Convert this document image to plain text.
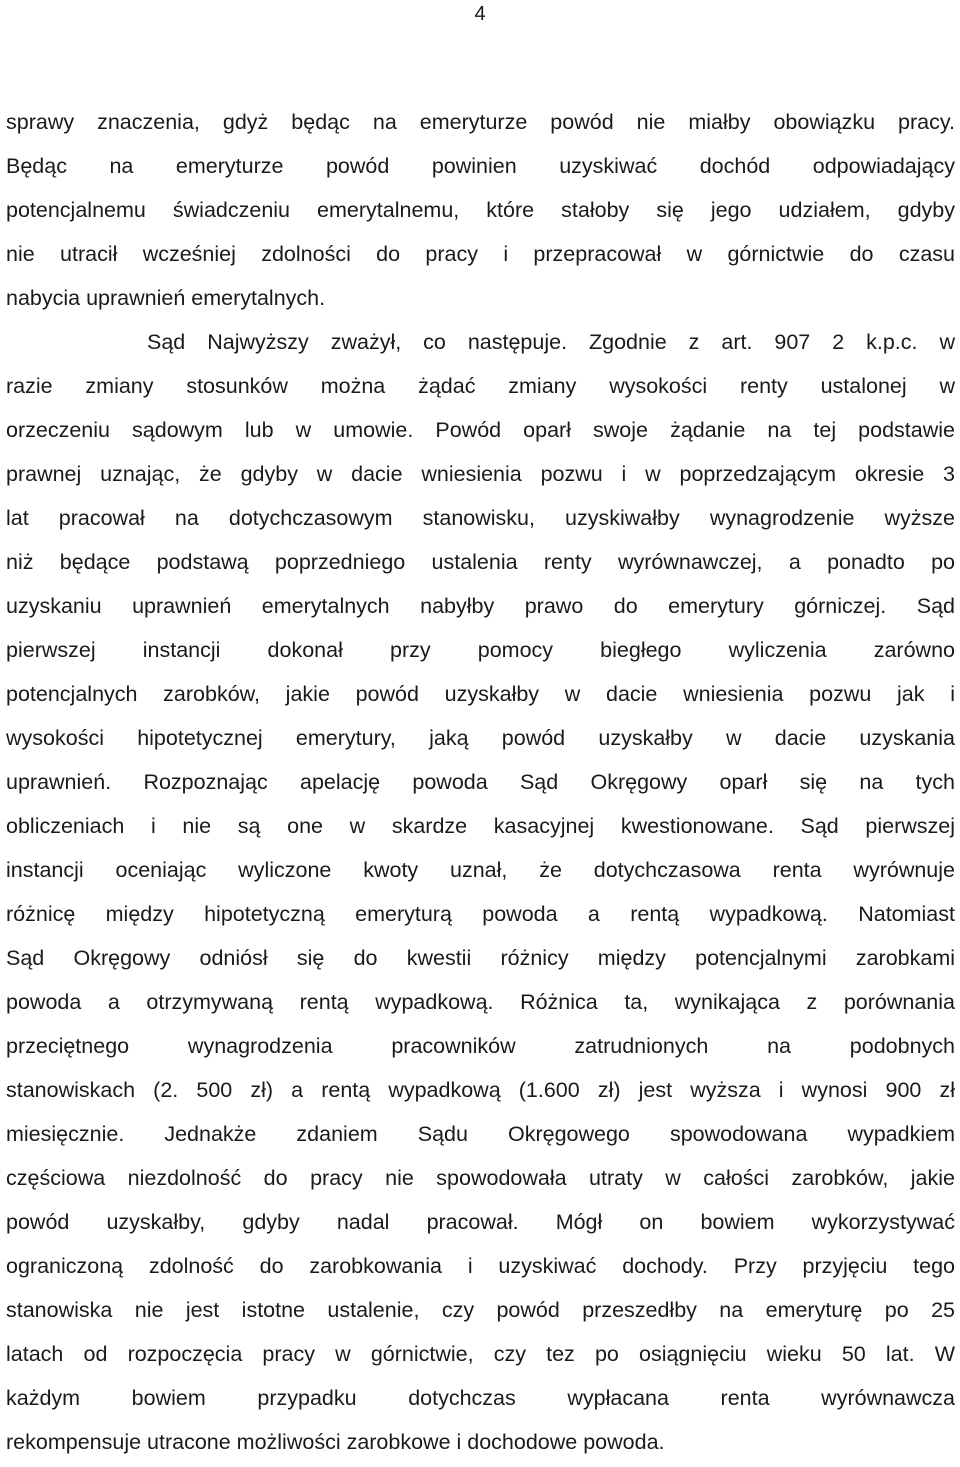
4
sprawy znaczenia, gdyż będąc na emeryturze powód nie miałby obowiązku pracy.
Będąc na emeryturze powód powinien uzyskiwać dochód odpowiadający
potencjalnemu świadczeniu emerytalnemu, które stałoby się jego udziałem, gdyby
nie utracił wcześniej zdolności do pracy i przepracował w górnictwie do czasu
nabycia uprawnień emerytalnych.
Sąd Najwyższy zważył, co następuje. Zgodnie z art. 907 2 k.p.c. w
razie zmiany stosunków można żądać zmiany wysokości renty ustalonej w
orzeczeniu sądowym lub w umowie. Powód oparł swoje żądanie na tej podstawie
prawnej uznając, że gdyby w dacie wniesienia pozwu i w poprzedzającym okresie 3
lat pracował na dotychczasowym stanowisku, uzyskiwałby wynagrodzenie wyższe
niż będące podstawą poprzedniego ustalenia renty wyrównawczej, a ponadto po
uzyskaniu uprawnień emerytalnych nabyłby prawo do emerytury górniczej. Sąd
pierwszej instancji dokonał przy pomocy biegłego wyliczenia zarówno
potencjalnych zarobków, jakie powód uzyskałby w dacie wniesienia pozwu jak i
wysokości hipotetycznej emerytury, jaką powód uzyskałby w dacie uzyskania
uprawnień. Rozpoznając apelację powoda Sąd Okręgowy oparł się na tych
obliczeniach i nie są one w skardze kasacyjnej kwestionowane. Sąd pierwszej
instancji oceniając wyliczone kwoty uznał, że dotychczasowa renta wyrównuje
różnicę między hipotetyczną emeryturą powoda a rentą wypadkową. Natomiast
Sąd Okręgowy odniósł się do kwestii różnicy między potencjalnymi zarobkami
powoda a otrzymywaną rentą wypadkową. Różnica ta, wynikająca z porównania
przeciętnego wynagrodzenia pracowników zatrudnionych na podobnych
stanowiskach (2. 500 zł) a rentą wypadkową (1.600 zł) jest wyższa i wynosi 900 zł
miesięcznie. Jednakże zdaniem Sądu Okręgowego spowodowana wypadkiem
częściowa niezdolność do pracy nie spowodowała utraty w całości zarobków, jakie
powód uzyskałby, gdyby nadal pracował. Mógł on bowiem wykorzystywać
ograniczoną zdolność do zarobkowania i uzyskiwać dochody. Przy przyjęciu tego
stanowiska nie jest istotne ustalenie, czy powód przeszedłby na emeryturę po 25
latach od rozpoczęcia pracy w górnictwie, czy tez po osiągnięciu wieku 50 lat. W
każdym bowiem przypadku dotychczas wypłacana renta wyrównawcza
rekompensuje utracone możliwości zarobkowe i dochodowe powoda.
